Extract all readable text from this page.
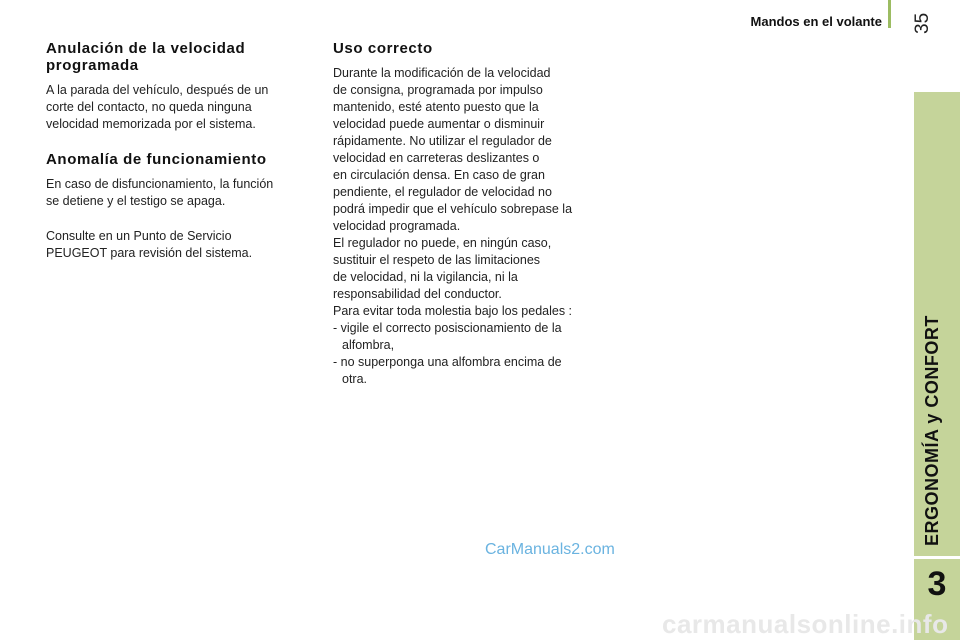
Mandos en el volante 35
ERGONOMÍA y CONFORT
3
Anulación de la velocidad
programada

A la parada del vehículo, después de un
corte del contacto, no queda ninguna
velocidad memorizada por el sistema.

Anomalía de funcionamiento

En caso de disfuncionamiento, la función
se detiene y el testigo se apaga.

Consulte en un Punto de Servicio
PEUGEOT para revisión del sistema.

Uso correcto

Durante la modificación de la velocidad
de consigna, programada por impulso
mantenido, esté atento puesto que la
velocidad puede aumentar o disminuir
rápidamente. No utilizar el regulador de
velocidad en carreteras deslizantes o
en circulación densa. En caso de gran
pendiente, el regulador de velocidad no
podrá impedir que el vehículo sobrepase la
velocidad programada.
El regulador no puede, en ningún caso,
sustituir el respeto de las limitaciones
de velocidad, ni la vigilancia, ni la
responsabilidad del conductor.
Para evitar toda molestia bajo los pedales :

- vigile el correcto posiscionamiento de la
alfombra,

- no superponga una alfombra encima de
otra.

CarManuals2.com
carmanualsonline.info
